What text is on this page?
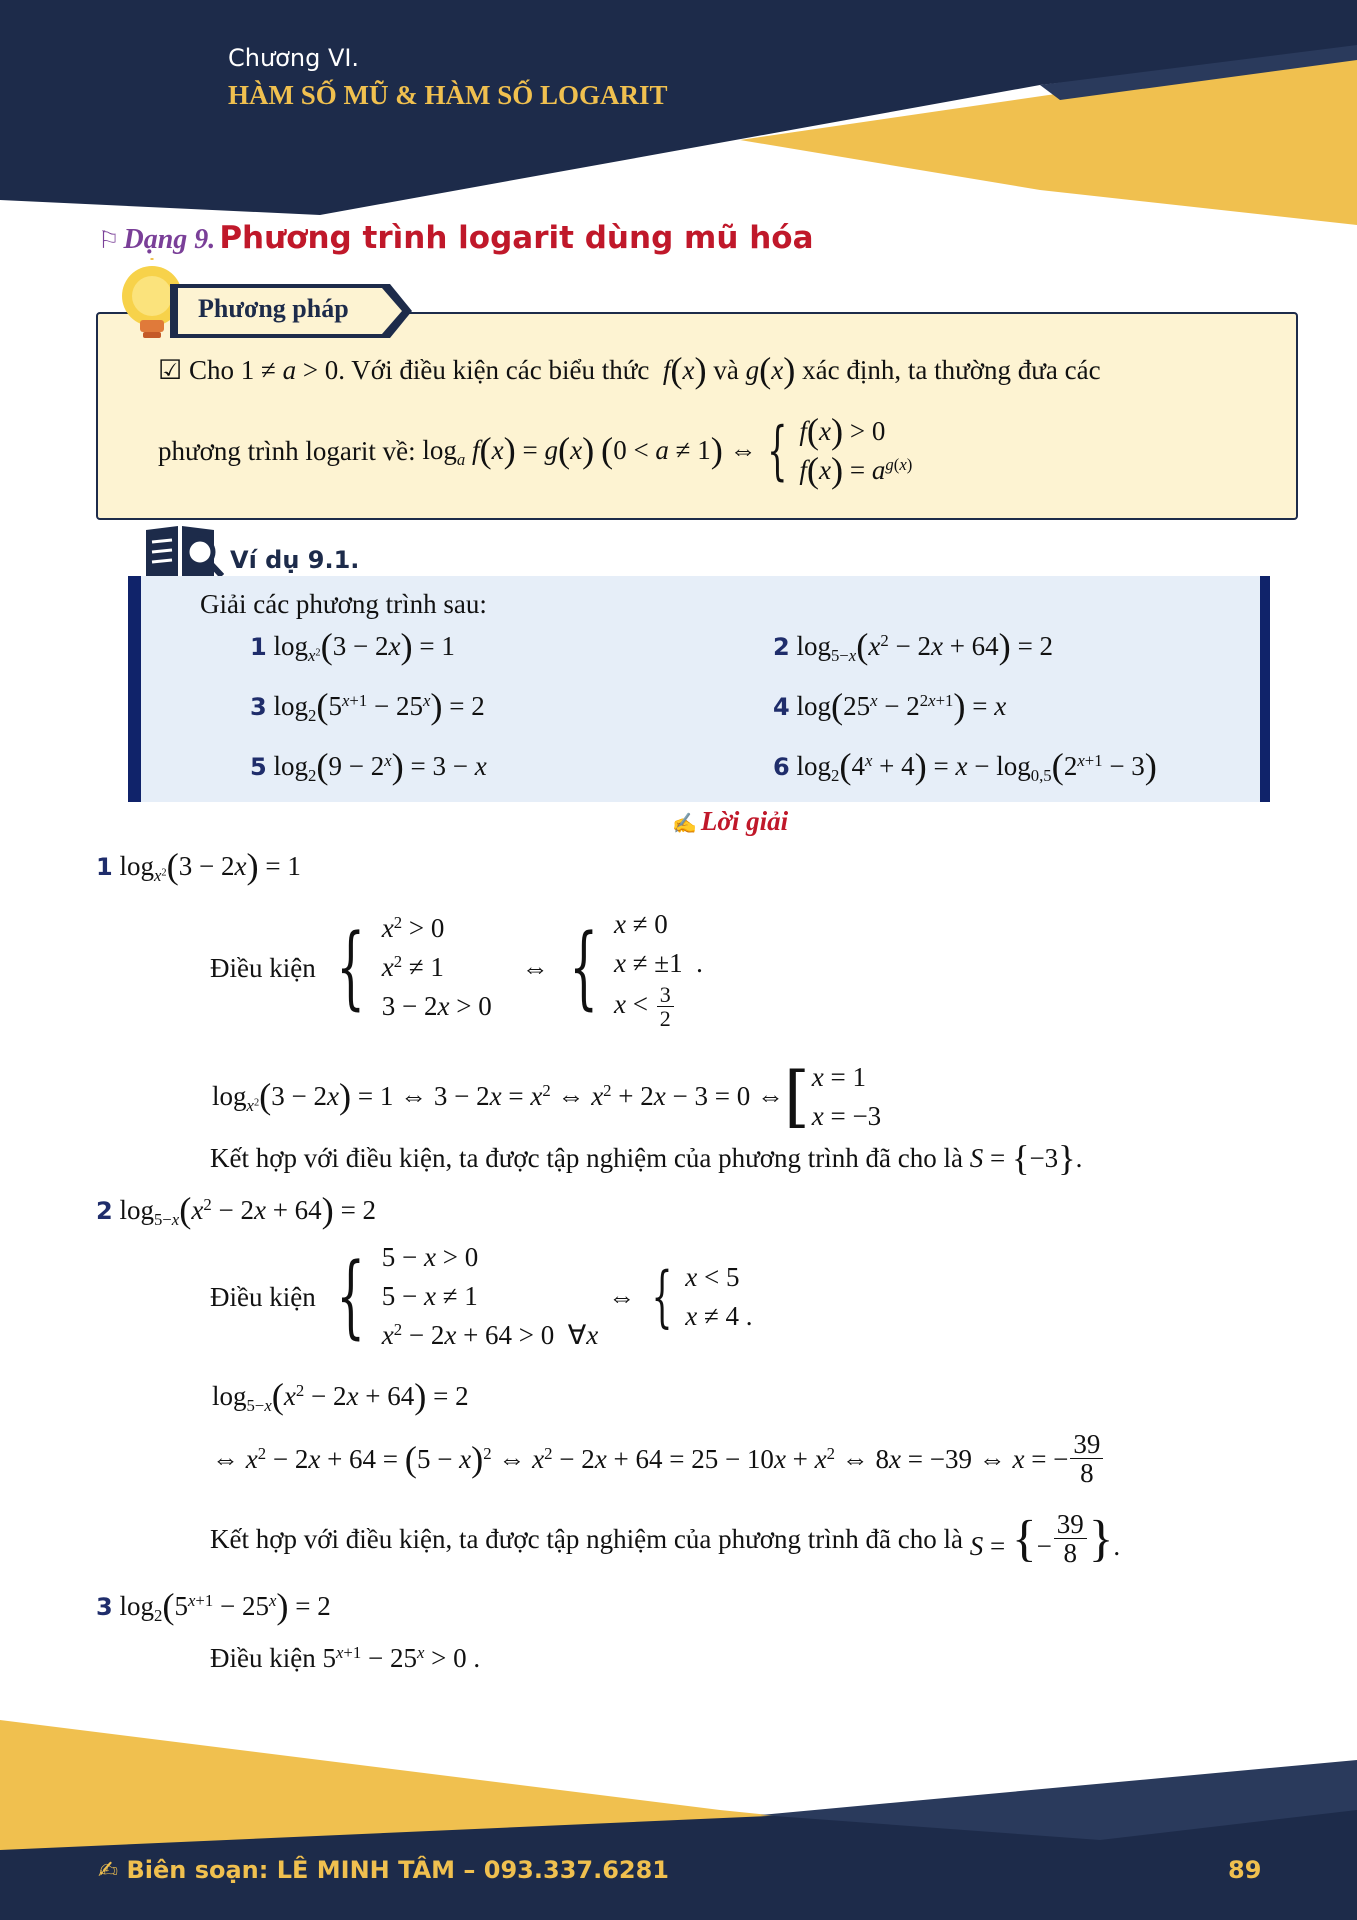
Chương VI.
HÀM SỐ MŨ & HÀM SỐ LOGARIT
⚐ Dạng 9. Phương trình logarit dùng mũ hóa
Phương pháp
☑ Cho 1 ≠ a > 0. Với điều kiện các biểu thức f(x) và g(x) xác định, ta thường đưa các
phương trình logarit về:
$\log_a f(x) = g(x) (0 < a \ne 1)$ ⇔ { f(x) > 0
$f(x) = a^{g(x)}$
Ví dụ 9.1.
Giải các phương trình sau:
1 $\log_{x^2}(3 - 2x) = 1$	2 $\log_{5-x}(x^2 - 2x + 64) = 2$
3 $\log_2(5^{x+1} - 25^x) = 2$	4 $\log(25^x - 2^{2x+1}) = x$
5 $\log_2(9 - 2^x) = 3 - x$	6 $\log_2(4^x + 4) = x - \log_{0,5}(2^{x+1} - 3)$
✍ Lời giải
1 $\log_{x^2}(3 - 2x) = 1$
Điều kiện
{ $x^2 > 0$
$x^2 \ne 1$
3 − 2x > 0
⇔ { x ≠ 0
x ≠ ±1  .
$x < \frac{3}{2}$
$\log_{x^2}(3 - 2x) = 1$ ⇔ $3 - 2x = x^2$ ⇔ $x^2 + 2x - 3 = 0$ ⇔ [ x = 1
x = −3
Kết hợp với điều kiện, ta được tập nghiệm của phương trình đã cho là S = {−3}.
2 $\log_{5-x}(x^2 - 2x + 64) = 2$
Điều kiện
{ 5 − x > 0
5 − x ≠ 1
$x^2 - 2x + 64 > 0$  ∀x
⇔ { x < 5
x ≠ 4 .
$\log_{5-x}(x^2 - 2x + 64) = 2$
⇔ $x^2 - 2x + 64 = (5 - x)^2$ ⇔ $x^2 - 2x + 64 = 25 - 10x + x^2$ ⇔ 8x = −39 ⇔ x = − $\frac{39}{8}$
Kết hợp với điều kiện, ta được tập nghiệm của phương trình đã cho là
S = {− $\frac{39}{8}$ }.
3 $\log_2(5^{x+1} - 25^x) = 2$
Điều kiện $5^{x+1} - 25^x > 0$ .
✍ Biên soạn: LÊ MINH TÂM – 093.337.6281	89
